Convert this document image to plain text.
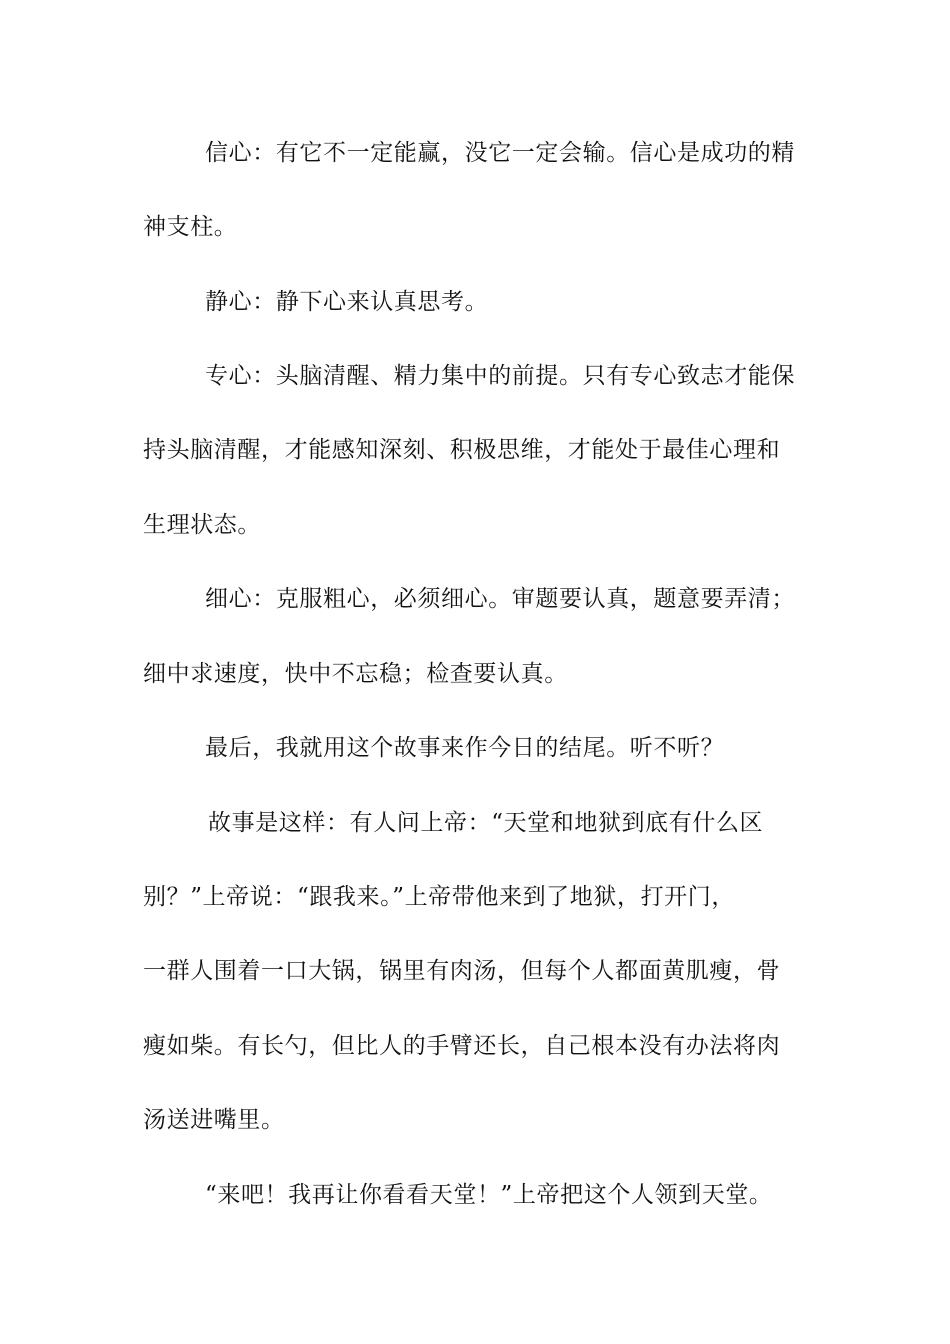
信心：有它不一定能赢，没它一定会输。信心是成功的精
神支柱。
静心：静下心来认真思考。
专心：头脑清醒、精力集中的前提。只有专心致志才能保
持头脑清醒，才能感知深刻、积极思维，才能处于最佳心理和
生理状态。
细心：克服粗心，必须细心。审题要认真，题意要弄清；
细中求速度，快中不忘稳；检查要认真。
最后，我就用这个故事来作今日的结尾。听不听？
故事是这样：有人问上帝：“天堂和地狱到底有什么区
别？”上帝说：“跟我来。”上帝带他来到了地狱，打开门，
一群人围着一口大锅，锅里有肉汤，但每个人都面黄肌瘦，骨
瘦如柴。有长勺，但比人的手臂还长，自己根本没有办法将肉
汤送进嘴里。
“来吧！我再让你看看天堂！”上帝把这个人领到天堂。
